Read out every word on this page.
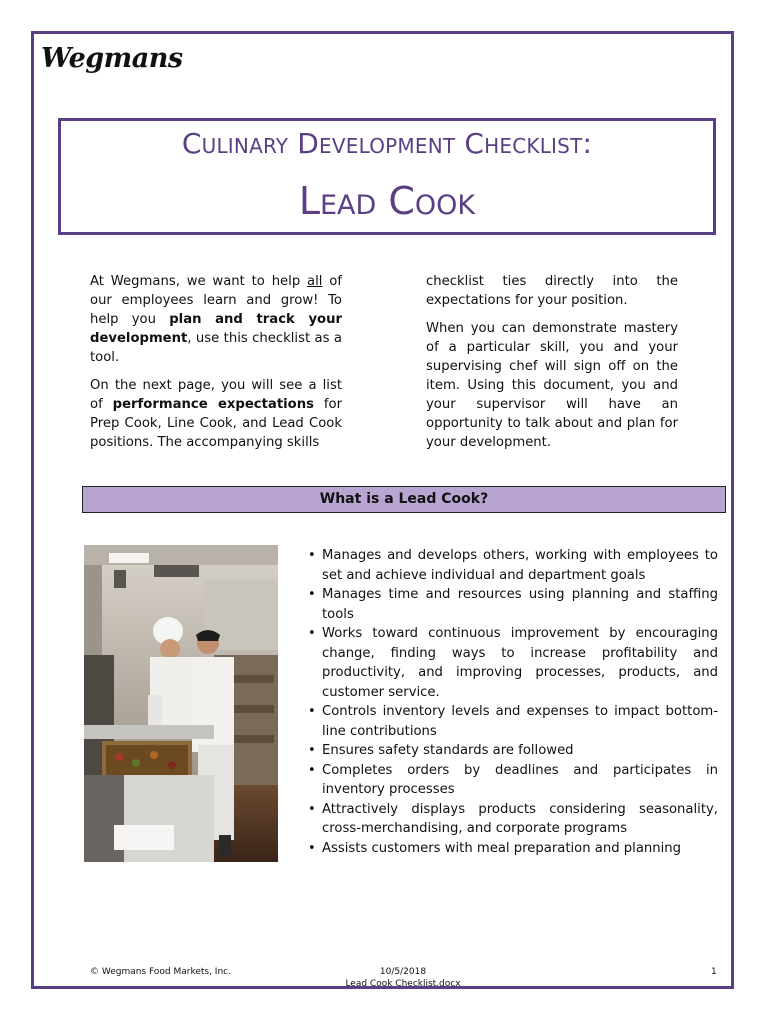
Wegmans
Culinary Development Checklist:
Lead Cook

At Wegmans, we want to help all of our employees learn and grow! To help you plan and track your development, use this checklist as a tool.

On the next page, you will see a list of performance expectations for Prep Cook, Line Cook, and Lead Cook positions. The accompanying skills

checklist ties directly into the expectations for your position.

When you can demonstrate mastery of a particular skill, you and your supervising chef will sign off on the item. Using this document, you and your supervisor will have an opportunity to talk about and plan for your development.

What is a Lead Cook?
• Manages and develops others, working with employees to set and achieve individual and department goals
• Manages time and resources using planning and staffing tools
• Works toward continuous improvement by encouraging change, finding ways to increase profitability and productivity, and improving processes, products, and customer service.
• Controls inventory levels and expenses to impact bottom-line contributions
• Ensures safety standards are followed
• Completes orders by deadlines and participates in inventory processes
• Attractively displays products considering seasonality, cross-merchandising, and corporate programs
• Assists customers with meal preparation and planning
© Wegmans Food Markets, Inc.	10/5/2018	1
Lead Cook Checklist.docx
